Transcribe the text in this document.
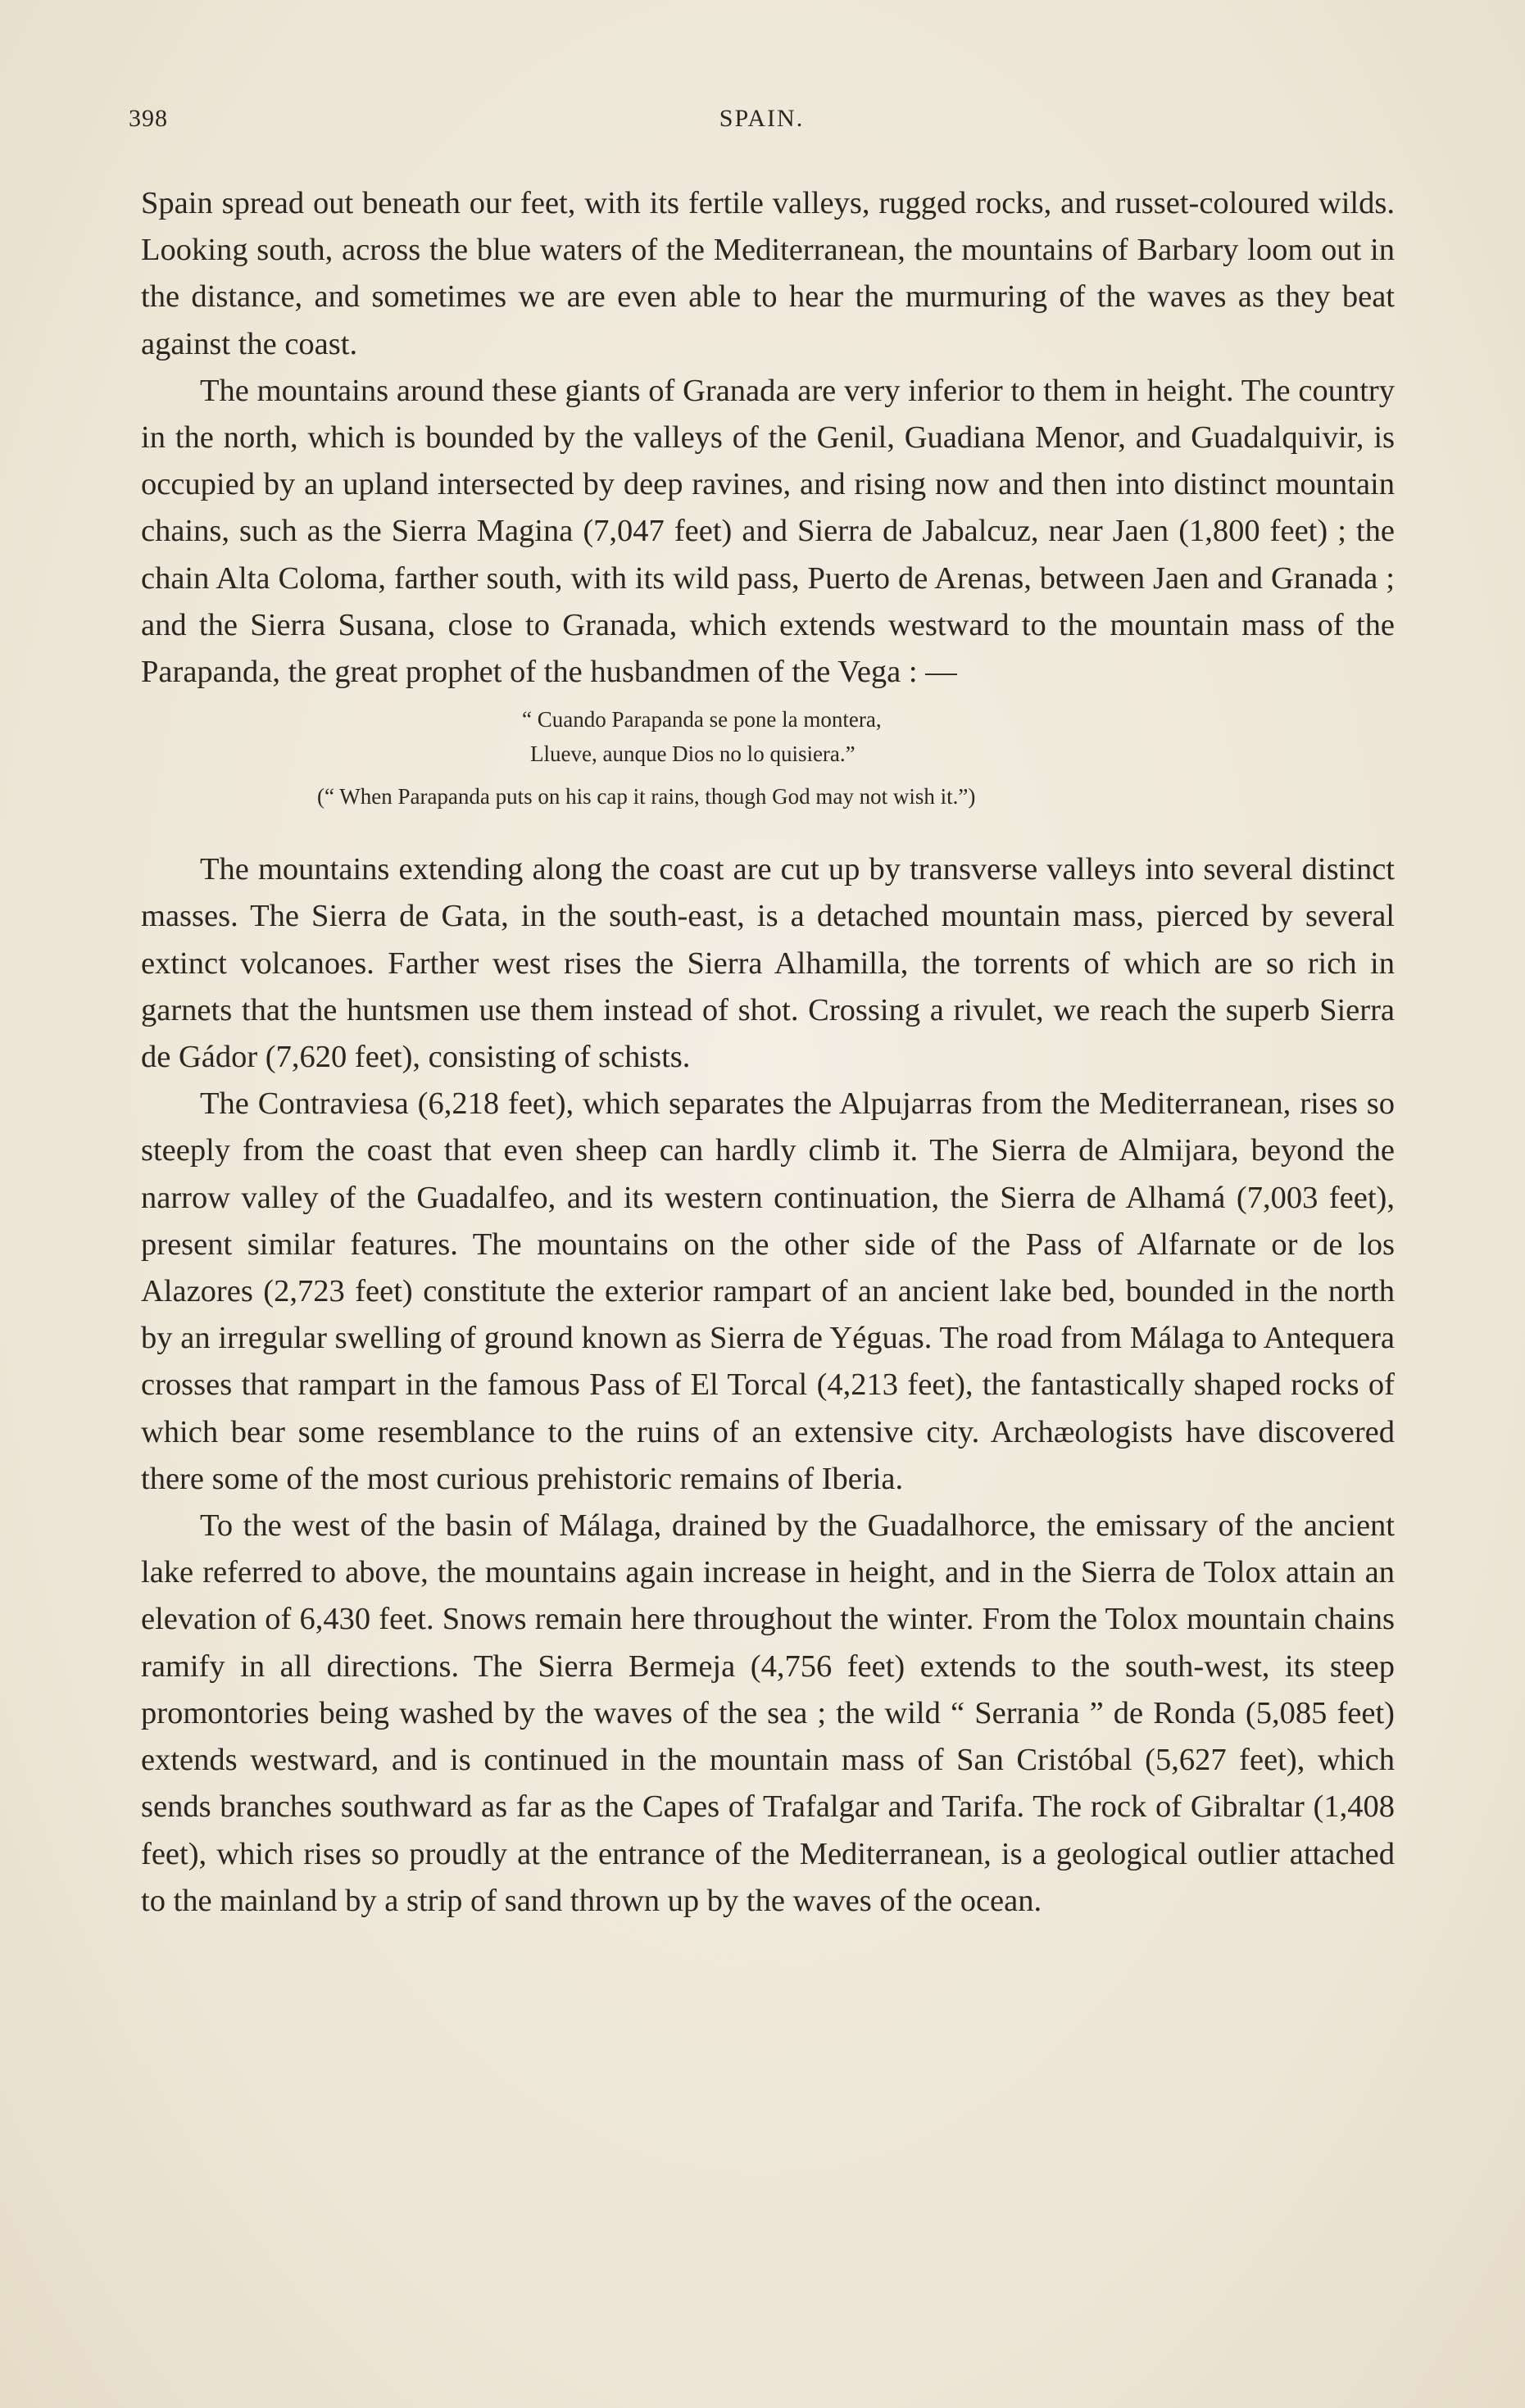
398	SPAIN.

Spain spread out beneath our feet, with its fertile valleys, rugged rocks, and russet-coloured wilds. Looking south, across the blue waters of the Mediterranean, the mountains of Barbary loom out in the distance, and sometimes we are even able to hear the murmuring of the waves as they beat against the coast.

The mountains around these giants of Granada are very inferior to them in height. The country in the north, which is bounded by the valleys of the Genil, Guadiana Menor, and Guadalquivir, is occupied by an upland intersected by deep ravines, and rising now and then into distinct mountain chains, such as the Sierra Magina (7,047 feet) and Sierra de Jabalcuz, near Jaen (1,800 feet) ; the chain Alta Coloma, farther south, with its wild pass, Puerto de Arenas, between Jaen and Granada ; and the Sierra Susana, close to Granada, which extends westward to the mountain mass of the Parapanda, the great prophet of the husbandmen of the Vega : —

“ Cuando Parapanda se pone la montera,
Llueve, aunque Dios no lo quisiera.”
(“ When Parapanda puts on his cap it rains, though God may not wish it.”)

The mountains extending along the coast are cut up by transverse valleys into several distinct masses. The Sierra de Gata, in the south-east, is a detached mountain mass, pierced by several extinct volcanoes. Farther west rises the Sierra Alhamilla, the torrents of which are so rich in garnets that the huntsmen use them instead of shot. Crossing a rivulet, we reach the superb Sierra de Gádor (7,620 feet), consisting of schists.

The Contraviesa (6,218 feet), which separates the Alpujarras from the Mediterranean, rises so steeply from the coast that even sheep can hardly climb it. The Sierra de Almijara, beyond the narrow valley of the Guadalfeo, and its western continuation, the Sierra de Alhamá (7,003 feet), present similar features. The mountains on the other side of the Pass of Alfarnate or de los Alazores (2,723 feet) constitute the exterior rampart of an ancient lake bed, bounded in the north by an irregular swelling of ground known as Sierra de Yéguas. The road from Málaga to Antequera crosses that rampart in the famous Pass of El Torcal (4,213 feet), the fantastically shaped rocks of which bear some resemblance to the ruins of an extensive city. Archæologists have discovered there some of the most curious prehistoric remains of Iberia.

To the west of the basin of Málaga, drained by the Guadalhorce, the emissary of the ancient lake referred to above, the mountains again increase in height, and in the Sierra de Tolox attain an elevation of 6,430 feet. Snows remain here throughout the winter. From the Tolox mountain chains ramify in all directions. The Sierra Bermeja (4,756 feet) extends to the south-west, its steep promontories being washed by the waves of the sea ; the wild “ Serrania ” de Ronda (5,085 feet) extends westward, and is continued in the mountain mass of San Cristóbal (5,627 feet), which sends branches southward as far as the Capes of Trafalgar and Tarifa. The rock of Gibraltar (1,408 feet), which rises so proudly at the entrance of the Mediterranean, is a geological outlier attached to the mainland by a strip of sand thrown up by the waves of the ocean.
